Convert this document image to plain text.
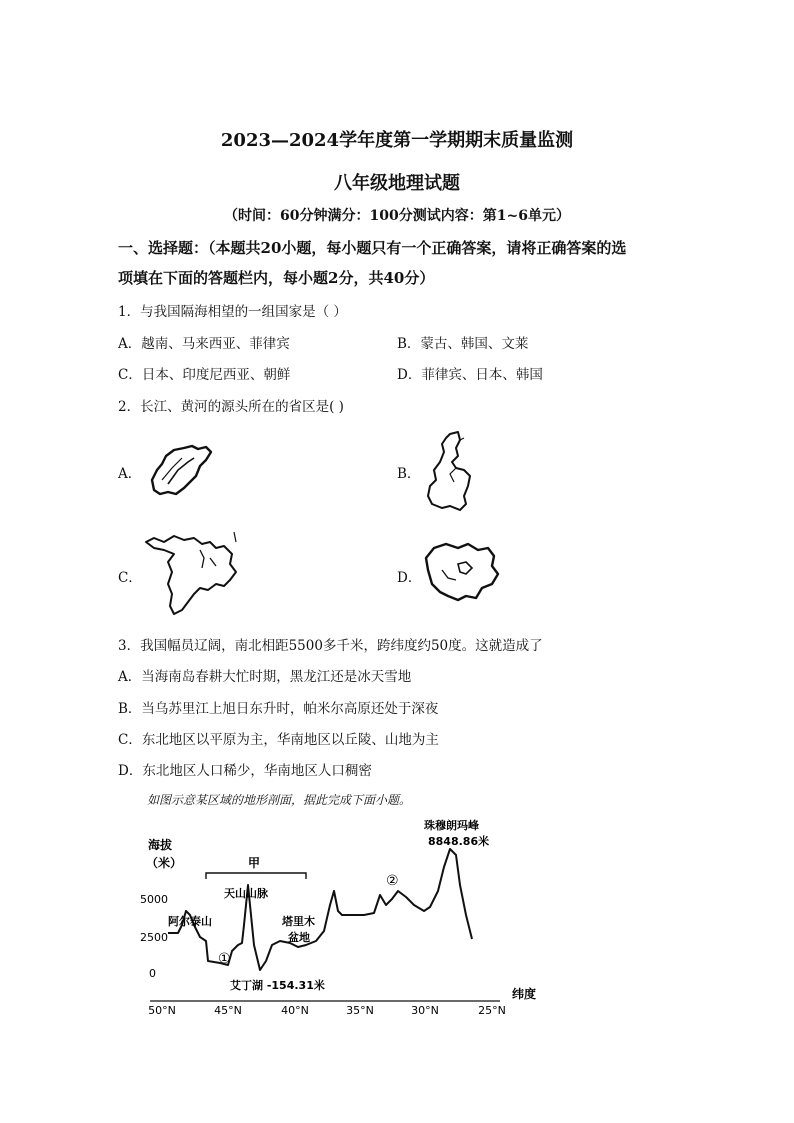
2023—2024学年度第一学期期末质量监测
八年级地理试题
（时间：60分钟满分：100分测试内容：第1~6单元）
一、选择题：（本题共20小题，每小题只有一个正确答案，请将正确答案的选
项填在下面的答题栏内，每小题2分，共40分）
1．与我国隔海相望的一组国家是（ ）
A．越南、马来西亚、菲律宾	B．蒙古、韩国、文莱
C．日本、印度尼西亚、朝鲜	D．菲律宾、日本、韩国
2．长江、黄河的源头所在的省区是( )
A．	B．
C．	D．
3．我国幅员辽阔，南北相距5500多千米，跨纬度约50度。这就造成了
A．当海南岛春耕大忙时期，黑龙江还是冰天雪地
B．当乌苏里江上旭日东升时，帕米尔高原还处于深夜
C．东北地区以平原为主，华南地区以丘陵、山地为主
D．东北地区人口稀少，华南地区人口稠密
如图示意某区域的地形剖面，据此完成下面小题。
海拔
（米）
5000
2500
0
50°N	45°N	40°N	35°N	30°N	25°N
纬度
甲
阿尔泰山
天山山脉
塔里木
盆地
艾丁湖 -154.31米
珠穆朗玛峰
8848.86米
①
②
